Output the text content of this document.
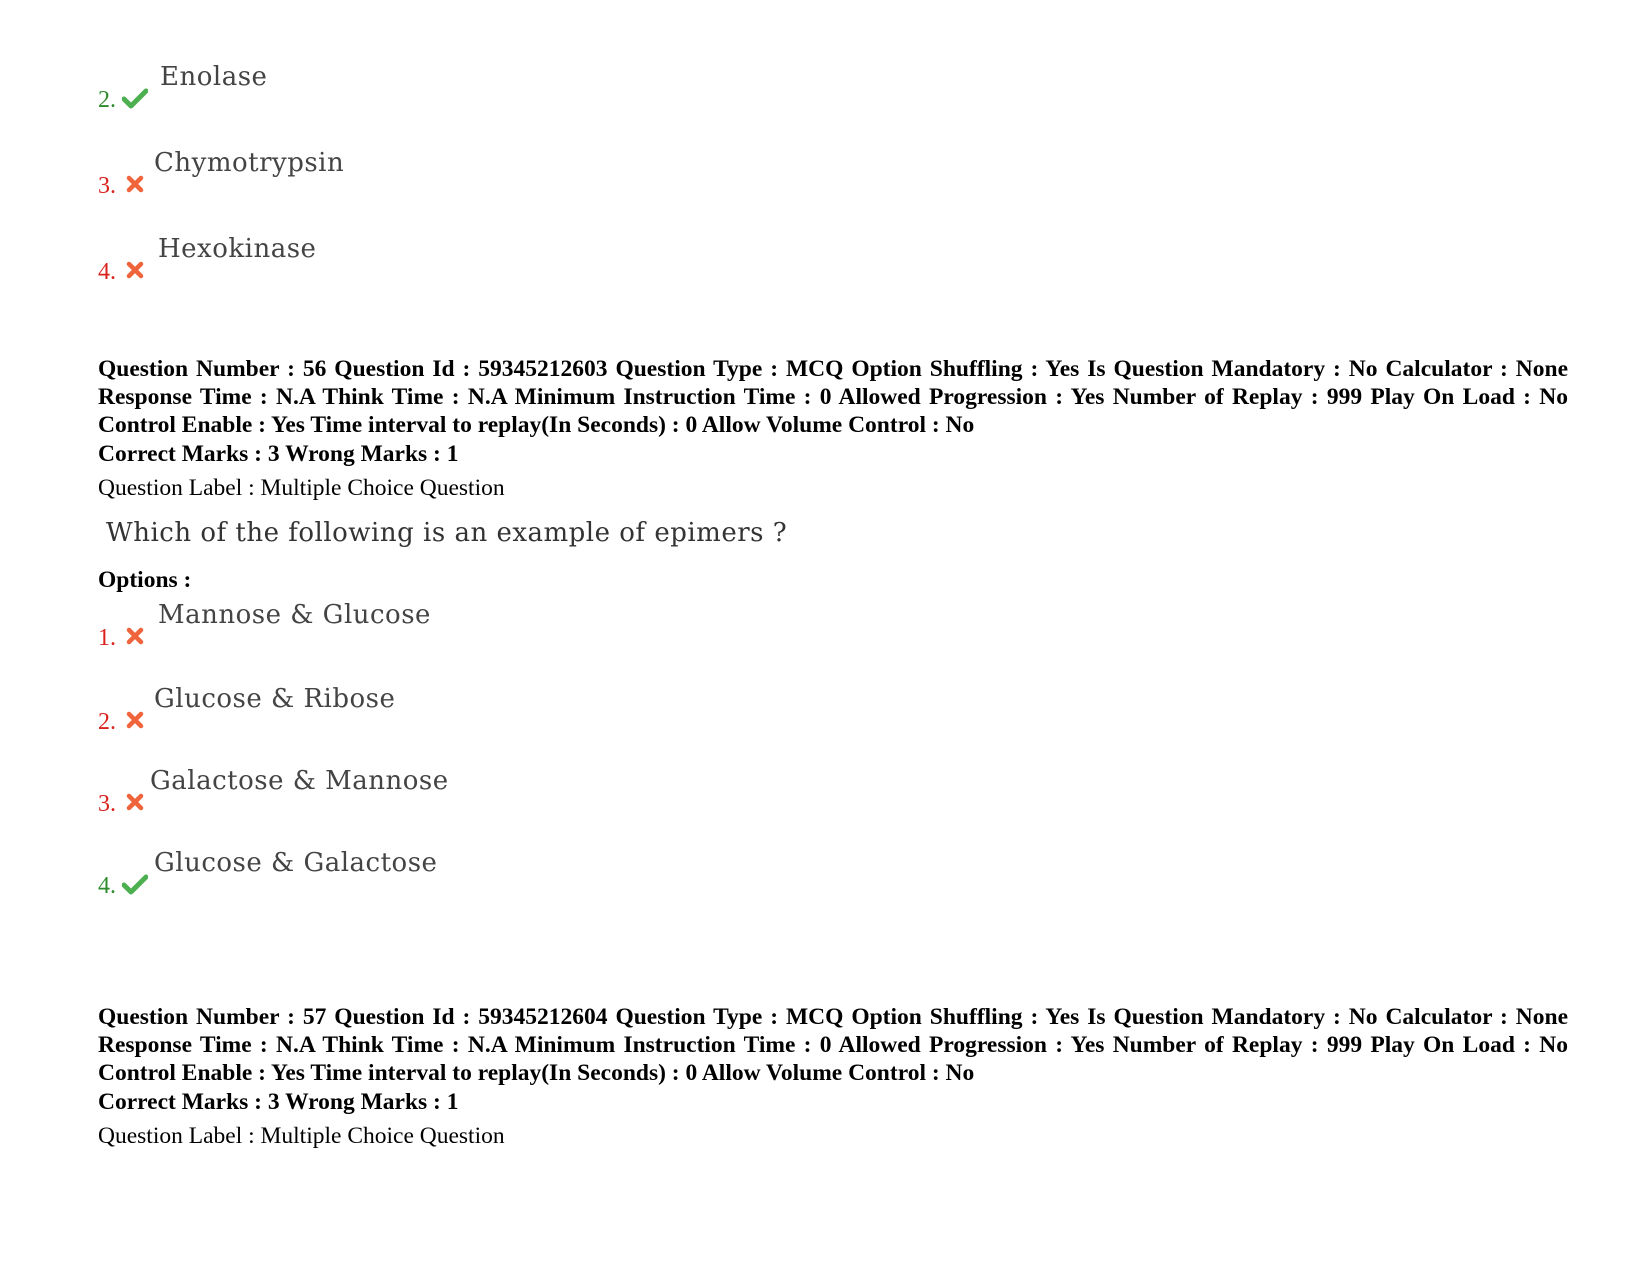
2.
Enolase
3.
Chymotrypsin
4.
Hexokinase
Question Number : 56 Question Id : 59345212603 Question Type : MCQ Option Shuffling : Yes Is Question Mandatory : No Calculator : None Response Time : N.A Think Time : N.A Minimum Instruction Time : 0 Allowed Progression : Yes Number of Replay : 999 Play On Load : No Control Enable : Yes Time interval to replay(In Seconds) : 0 Allow Volume Control : No
Correct Marks : 3 Wrong Marks : 1
Question Label : Multiple Choice Question
Which of the following is an example of epimers ?
Options :
1.
Mannose & Glucose
2.
Glucose & Ribose
3.
Galactose & Mannose
4.
Glucose & Galactose
Question Number : 57 Question Id : 59345212604 Question Type : MCQ Option Shuffling : Yes Is Question Mandatory : No Calculator : None Response Time : N.A Think Time : N.A Minimum Instruction Time : 0 Allowed Progression : Yes Number of Replay : 999 Play On Load : No Control Enable : Yes Time interval to replay(In Seconds) : 0 Allow Volume Control : No
Correct Marks : 3 Wrong Marks : 1
Question Label : Multiple Choice Question
